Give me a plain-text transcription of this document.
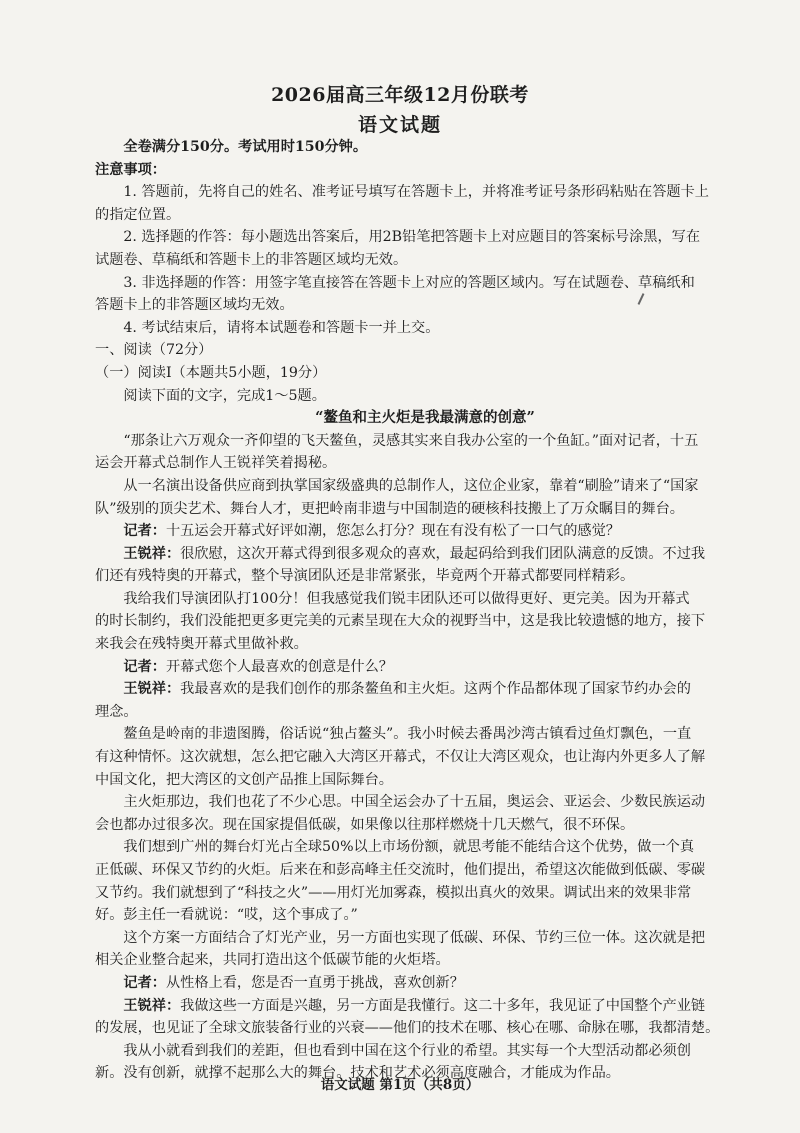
2026届高三年级12月份联考
语文试题
全卷满分150分。考试用时150分钟。
注意事项：
1. 答题前，先将自己的姓名、准考证号填写在答题卡上，并将准考证号条形码粘贴在答题卡上
的指定位置。
2. 选择题的作答：每小题选出答案后，用2B铅笔把答题卡上对应题目的答案标号涂黑，写在
试题卷、草稿纸和答题卡上的非答题区域均无效。
3. 非选择题的作答：用签字笔直接答在答题卡上对应的答题区域内。写在试题卷、草稿纸和
答题卡上的非答题区域均无效。
4. 考试结束后，请将本试题卷和答题卡一并上交。
一、阅读（72分）
（一）阅读Ⅰ（本题共5小题，19分）
阅读下面的文字，完成1～5题。
“鳌鱼和主火炬是我最满意的创意”
“那条让六万观众一齐仰望的飞天鳌鱼，灵感其实来自我办公室的一个鱼缸。”面对记者，十五
运会开幕式总制作人王锐祥笑着揭秘。
从一名演出设备供应商到执掌国家级盛典的总制作人，这位企业家，靠着“刷脸”请来了“国家
队”级别的顶尖艺术、舞台人才，更把岭南非遗与中国制造的硬核科技搬上了万众瞩目的舞台。
记者：十五运会开幕式好评如潮，您怎么打分？现在有没有松了一口气的感觉？
王锐祥：很欣慰，这次开幕式得到很多观众的喜欢，最起码给到我们团队满意的反馈。不过我
们还有残特奥的开幕式，整个导演团队还是非常紧张，毕竟两个开幕式都要同样精彩。
我给我们导演团队打100分！但我感觉我们锐丰团队还可以做得更好、更完美。因为开幕式
的时长制约，我们没能把更多更完美的元素呈现在大众的视野当中，这是我比较遗憾的地方，接下
来我会在残特奥开幕式里做补救。
记者：开幕式您个人最喜欢的创意是什么？
王锐祥：我最喜欢的是我们创作的那条鳌鱼和主火炬。这两个作品都体现了国家节约办会的
理念。
鳌鱼是岭南的非遗图腾，俗话说“独占鳌头”。我小时候去番禺沙湾古镇看过鱼灯飘色，一直
有这种情怀。这次就想，怎么把它融入大湾区开幕式，不仅让大湾区观众，也让海内外更多人了解
中国文化，把大湾区的文创产品推上国际舞台。
主火炬那边，我们也花了不少心思。中国全运会办了十五届，奥运会、亚运会、少数民族运动
会也都办过很多次。现在国家提倡低碳，如果像以往那样燃烧十几天燃气，很不环保。
我们想到广州的舞台灯光占全球50%以上市场份额，就思考能不能结合这个优势，做一个真
正低碳、环保又节约的火炬。后来在和彭高峰主任交流时，他们提出，希望这次能做到低碳、零碳
又节约。我们就想到了“科技之火”——用灯光加雾森，模拟出真火的效果。调试出来的效果非常
好。彭主任一看就说：“哎，这个事成了。”
这个方案一方面结合了灯光产业，另一方面也实现了低碳、环保、节约三位一体。这次就是把
相关企业整合起来，共同打造出这个低碳节能的火炬塔。
记者：从性格上看，您是否一直勇于挑战，喜欢创新？
王锐祥：我做这些一方面是兴趣，另一方面是我懂行。这二十多年，我见证了中国整个产业链
的发展，也见证了全球文旅装备行业的兴衰——他们的技术在哪、核心在哪、命脉在哪，我都清楚。
我从小就看到我们的差距，但也看到中国在这个行业的希望。其实每一个大型活动都必须创
新。没有创新，就撑不起那么大的舞台。技术和艺术必须高度融合，才能成为作品。
语文试题 第1页（共8页）
